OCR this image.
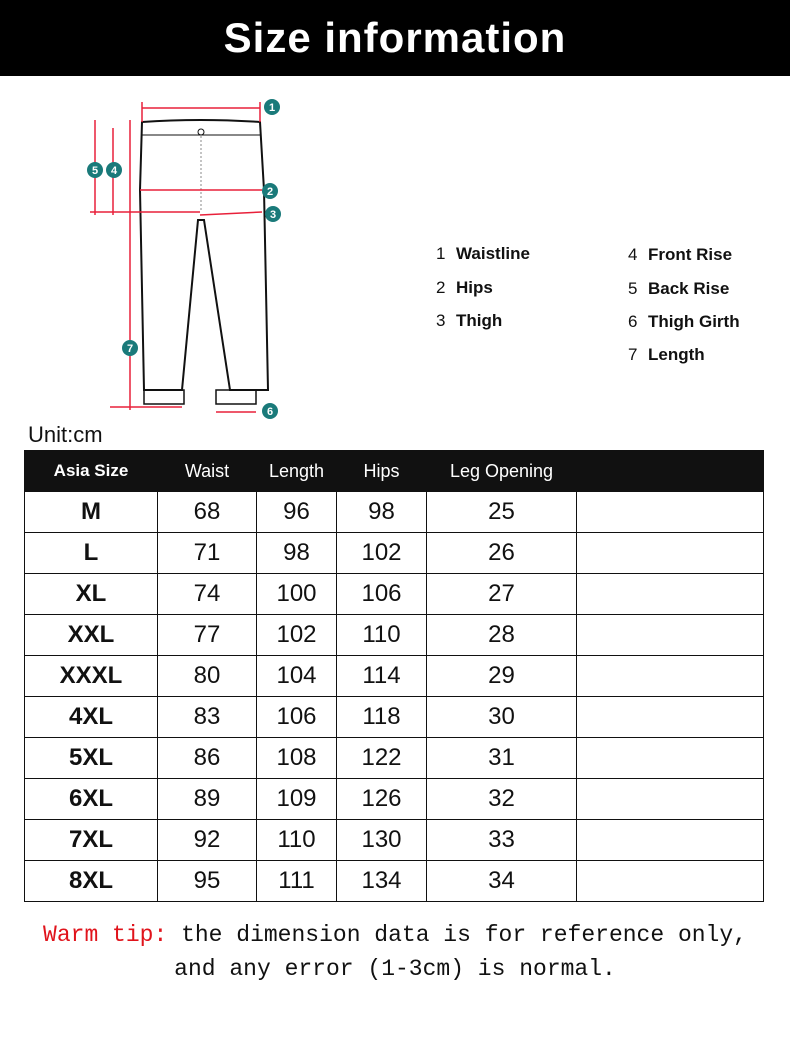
Size information
1
2
3
4
5
6
7
1 Waistline
2 Hips
3 Thigh
4 Front Rise
5 Back Rise
6 Thigh Girth
7 Length
Unit:cm
Asia Size	Waist	Length	Hips	Leg Opening	
M	68	96	98	25	
L	71	98	102	26	
XL	74	100	106	27	
XXL	77	102	110	28	
XXXL	80	104	114	29	
4XL	83	106	118	30	
5XL	86	108	122	31	
6XL	89	109	126	32	
7XL	92	110	130	33	
8XL	95	111	134	34	
Warm tip: the dimension data is for reference only,
and any error (1-3cm) is normal.
